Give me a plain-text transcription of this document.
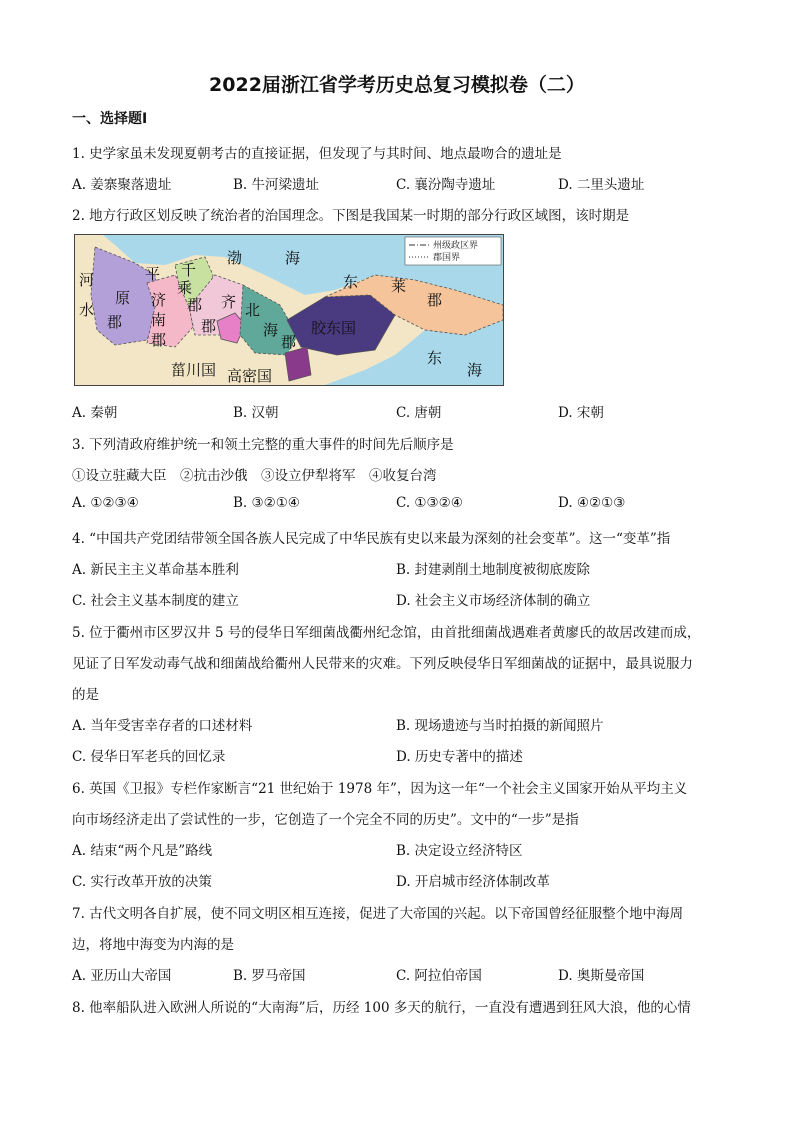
2022届浙江省学考历史总复习模拟卷（二）
一、选择题Ⅰ
1. 史学家虽未发现夏朝考古的直接证据，但发现了与其时间、地点最吻合的遗址是
A. 姜寨聚落遗址	B. 牛河梁遗址	C. 襄汾陶寺遗址	D. 二里头遗址
2. 地方行政区划反映了统治者的治国理念。下图是我国某一时期的部分行政区域图，该时期是
州级政区界
郡国界
河
水
渤	海
东
海
平
原
郡
济
南
郡
千
乘
郡 齐
郡
北
海
郡
胶东国
东 莱
郡
菑川国 高密国
A. 秦朝	B. 汉朝	C. 唐朝	D. 宋朝
3. 下列清政府维护统一和领土完整的重大事件的时间先后顺序是
①设立驻藏大臣　②抗击沙俄　③设立伊犁将军　④收复台湾
A. ①②③④	B. ③②①④	C. ①③②④	D. ④②①③
4. “中国共产党团结带领全国各族人民完成了中华民族有史以来最为深刻的社会变革”。这一“变革”指
A. 新民主主义革命基本胜利	B. 封建剥削土地制度被彻底废除
C. 社会主义基本制度的建立	D. 社会主义市场经济体制的确立
5. 位于衢州市区罗汉井 5 号的侵华日军细菌战衢州纪念馆，由首批细菌战遇难者黄廖氏的故居改建而成，
见证了日军发动毒气战和细菌战给衢州人民带来的灾难。下列反映侵华日军细菌战的证据中，最具说服力
的是
A. 当年受害幸存者的口述材料	B. 现场遗迹与当时拍摄的新闻照片
C. 侵华日军老兵的回忆录	D. 历史专著中的描述
6. 英国《卫报》专栏作家断言“21 世纪始于 1978 年”，因为这一年“一个社会主义国家开始从平均主义
向市场经济走出了尝试性的一步，它创造了一个完全不同的历史”。文中的“一步”是指
A. 结束“两个凡是”路线	B. 决定设立经济特区
C. 实行改革开放的决策	D. 开启城市经济体制改革
7. 古代文明各自扩展，使不同文明区相互连接，促进了大帝国的兴起。以下帝国曾经征服整个地中海周
边，将地中海变为内海的是
A. 亚历山大帝国	B. 罗马帝国	C. 阿拉伯帝国	D. 奥斯曼帝国
8. 他率船队进入欧洲人所说的“大南海”后，历经 100 多天的航行，一直没有遭遇到狂风大浪，他的心情
